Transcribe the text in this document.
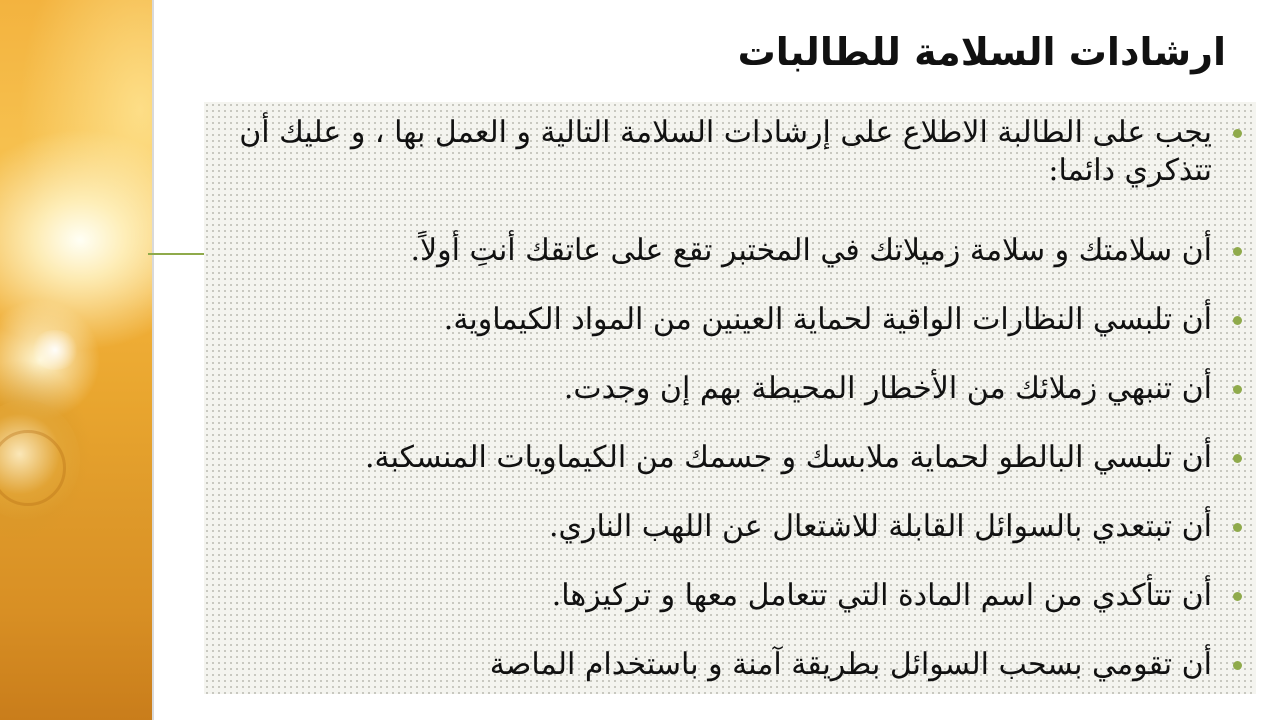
ارشادات السلامة للطالبات
يجب على الطالبة الاطلاع على إرشادات السلامة التالية و العمل بها ، و عليك أن تتذكري دائما:
أن سلامتك و سلامة زميلاتك في المختبر تقع على عاتقك أنتِ أولاً.
أن تلبسي النظارات الواقية لحماية العينين من المواد الكيماوية.
أن تنبهي زملائك من الأخطار المحيطة بهم إن وجدت.
أن تلبسي البالطو لحماية ملابسك و جسمك من الكيماويات المنسكبة.
أن تبتعدي بالسوائل القابلة للاشتعال عن اللهب الناري.
أن تتأكدي من اسم المادة التي تتعامل معها و تركيزها.
أن تقومي بسحب السوائل بطريقة آمنة و باستخدام الماصة
